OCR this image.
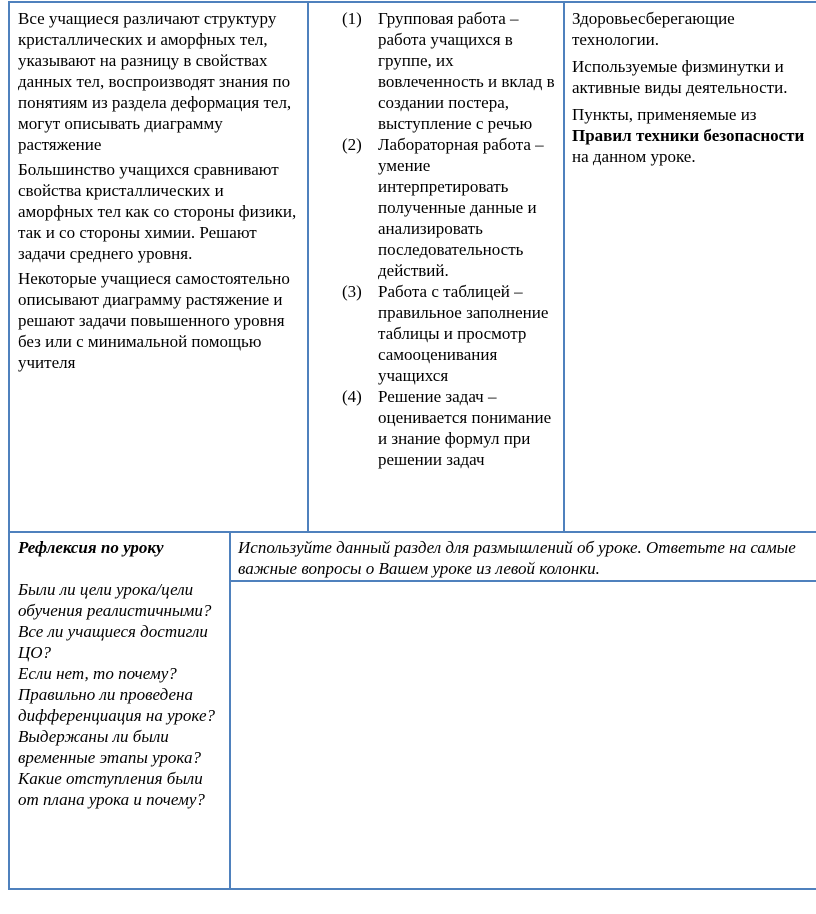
Все учащиеся различают структуру кристаллических и аморфных тел, указывают на разницу в свойствах данных тел, воспроизводят знания по понятиям из раздела деформация тел, могут описывать диаграмму растяжение

Большинство учащихся сравнивают свойства кристаллических и аморфных тел как со стороны физики, так и со стороны химии. Решают задачи среднего уровня.

Некоторые учащиеся самостоятельно описывают диаграмму растяжение и решают задачи повышенного уровня без или с минимальной помощью учителя

(1) Групповая работа – работа учащихся в группе, их вовлеченность и вклад в создании постера, выступление с речью
(2) Лабораторная работа –умение интерпретировать полученные данные и анализировать последовательность действий.
(3) Работа с таблицей – правильное заполнение таблицы и просмотр самооценивания учащихся
(4) Решение задач – оценивается понимание и знание формул при решении задач

Здоровьесберегающие технологии.

Используемые физминутки и активные виды деятельности.

Пункты, применяемые из Правил техники безопасности на данном уроке.

Рефлексия по уроку

Были ли цели урока/цели обучения реалистичными?
Все ли учащиеся достигли ЦО?
Если нет, то почему?
Правильно ли проведена дифференциация на уроке?
Выдержаны ли были временные этапы урока?
Какие отступления были от плана урока и почему?
Используйте данный раздел для размышлений об уроке. Ответьте на самые важные вопросы о Вашем уроке из левой колонки.
